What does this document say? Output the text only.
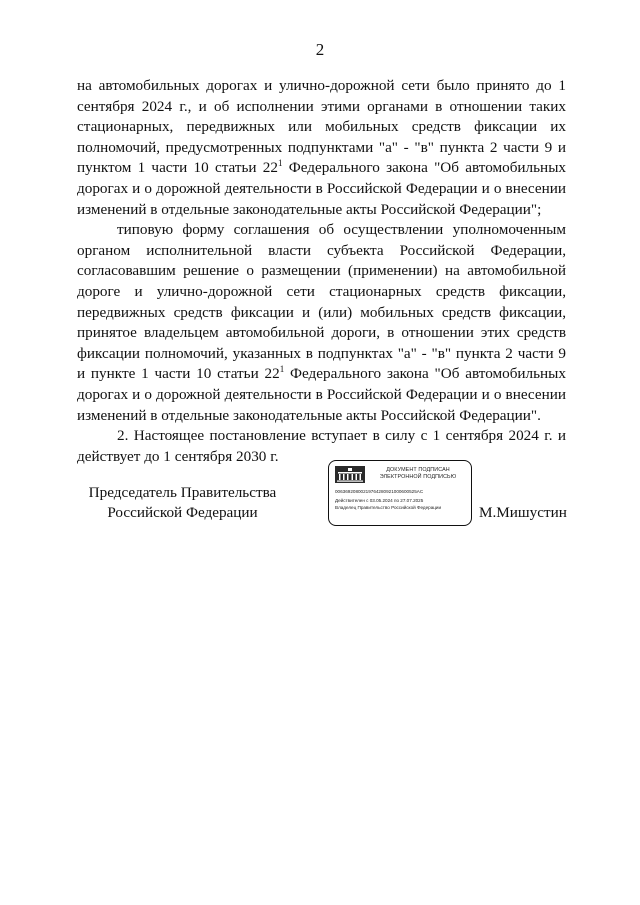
2

на автомобильных дорогах и улично-дорожной сети было принято до 1 сентября 2024 г., и об исполнении этими органами в отношении таких стационарных, передвижных или мобильных средств фиксации их полномочий, предусмотренных подпунктами "а" - "в" пункта 2 части 9 и пунктом 1 части 10 статьи $22^1$ Федерального закона "Об автомобильных дорогах и о дорожной деятельности в Российской Федерации и о внесении изменений в отдельные законодательные акты Российской Федерации";

типовую форму соглашения об осуществлении уполномоченным органом исполнительной власти субъекта Российской Федерации, согласовавшим решение о размещении (применении) на автомобильной дороге и улично-дорожной сети стационарных средств фиксации, передвижных средств фиксации и (или) мобильных средств фиксации, принятое владельцем автомобильной дороги, в отношении этих средств фиксации полномочий, указанных в подпунктах "а" - "в" пункта 2 части 9 и пункте 1 части 10 статьи $22^1$ Федерального закона "Об автомобильных дорогах и о дорожной деятельности в Российской Федерации и о внесении изменений в отдельные законодательные акты Российской Федерации".

2. Настоящее постановление вступает в силу с 1 сентября 2024 г. и действует до 1 сентября 2030 г.

Председатель Правительства
Российской Федерации
ДОКУМЕНТ ПОДПИСАН
ЭЛЕКТРОННОЙ ПОДПИСЬЮ
00636920800219764280921000600525AC
Действителен с 03.05.2024 по 27.07.2025
Владелец Правительство Российской Федерации М.Мишустин
